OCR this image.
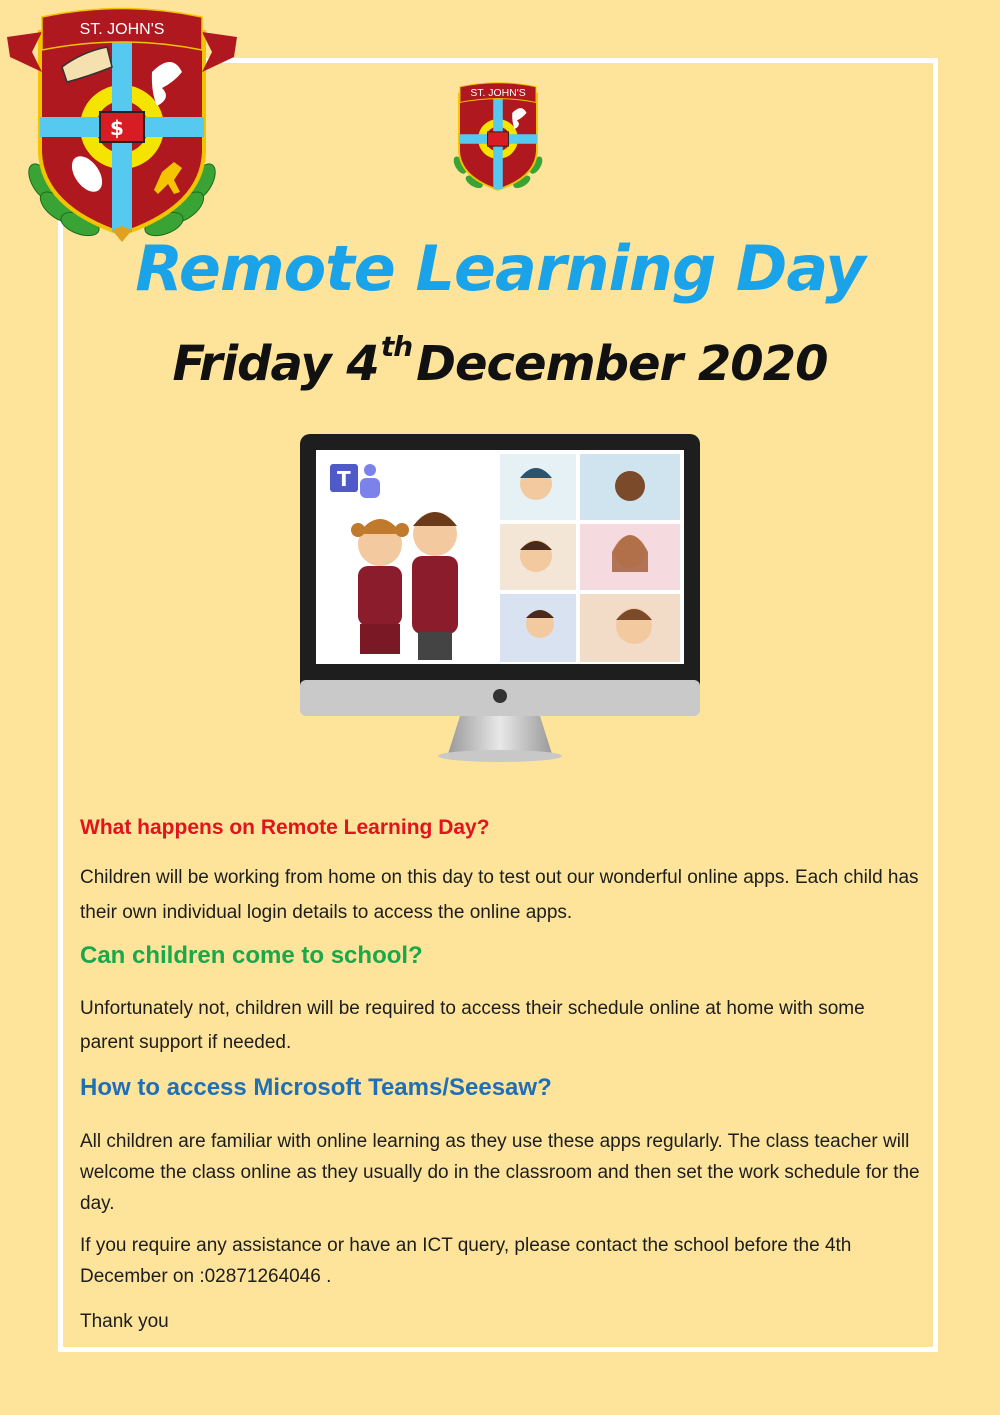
$
ST. JOHN'S
ST. JOHN'S
Remote Learning Day
Friday 4thDecember 2020
T

What happens on Remote Learning Day?

Children will be working from home on this day to test out our wonderful online apps. Each child has their own individual login details to access the online apps.

Can children come to school?

Unfortunately not, children will be required to access their schedule online at home with some parent support if needed.

How to access Microsoft Teams/Seesaw?

All children are familiar with online learning as they use these apps regularly. The class teacher will welcome the class online as they usually do in the classroom and then set the work schedule for the day.

If you require any assistance or have an ICT query, please contact the school before the 4th December on :02871264046 .

Thank you
